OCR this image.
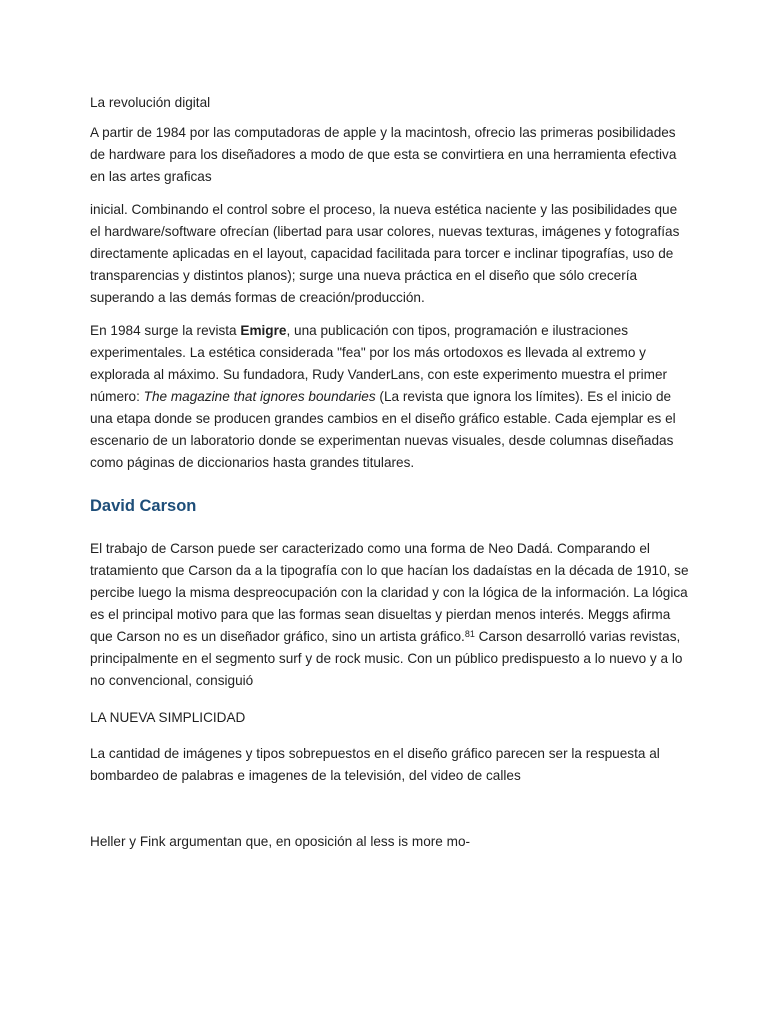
La revolución digital

A partir de 1984 por las computadoras de apple y la macintosh, ofrecio las primeras posibilidades de hardware para los diseñadores a modo de que esta se convirtiera en una herramienta efectiva en las artes graficas

inicial. Combinando el control sobre el proceso, la nueva estética naciente y las posibilidades que el hardware/software ofrecían (libertad para usar colores, nuevas texturas, imágenes y fotografías directamente aplicadas en el layout, capacidad facilitada para torcer e inclinar tipografías, uso de transparencias y distintos planos); surge una nueva práctica en el diseño que sólo crecería superando a las demás formas de creación/producción.

En 1984 surge la revista Emigre, una publicación con tipos, programación e ilustraciones experimentales. La estética considerada "fea" por los más ortodoxos es llevada al extremo y explorada al máximo. Su fundadora, Rudy VanderLans, con este experimento muestra el primer número: The magazine that ignores boundaries (La revista que ignora los límites). Es el inicio de una etapa donde se producen grandes cambios en el diseño gráfico estable. Cada ejemplar es el escenario de un laboratorio donde se experimentan nuevas visuales, desde columnas diseñadas como páginas de diccionarios hasta grandes titulares.

David Carson

El trabajo de Carson puede ser caracterizado como una forma de Neo Dadá. Comparando el tratamiento que Carson da a la tipografía con lo que hacían los dadaístas en la década de 1910, se percibe luego la misma despreocupación con la claridad y con la lógica de la información. La lógica es el principal motivo para que las formas sean disueltas y pierdan menos interés. Meggs afirma que Carson no es un diseñador gráfico, sino un artista gráfico.$^{81}$ Carson desarrolló varias revistas, principalmente en el segmento surf y de rock music. Con un público predispuesto a lo nuevo y a lo no convencional, consiguió

LA NUEVA SIMPLICIDAD

La cantidad de imágenes y tipos sobrepuestos en el diseño gráfico parecen ser la respuesta al bombardeo de palabras e imagenes de la televisión, del video de calles

Heller y Fink argumentan que, en oposición al less is more mo-
